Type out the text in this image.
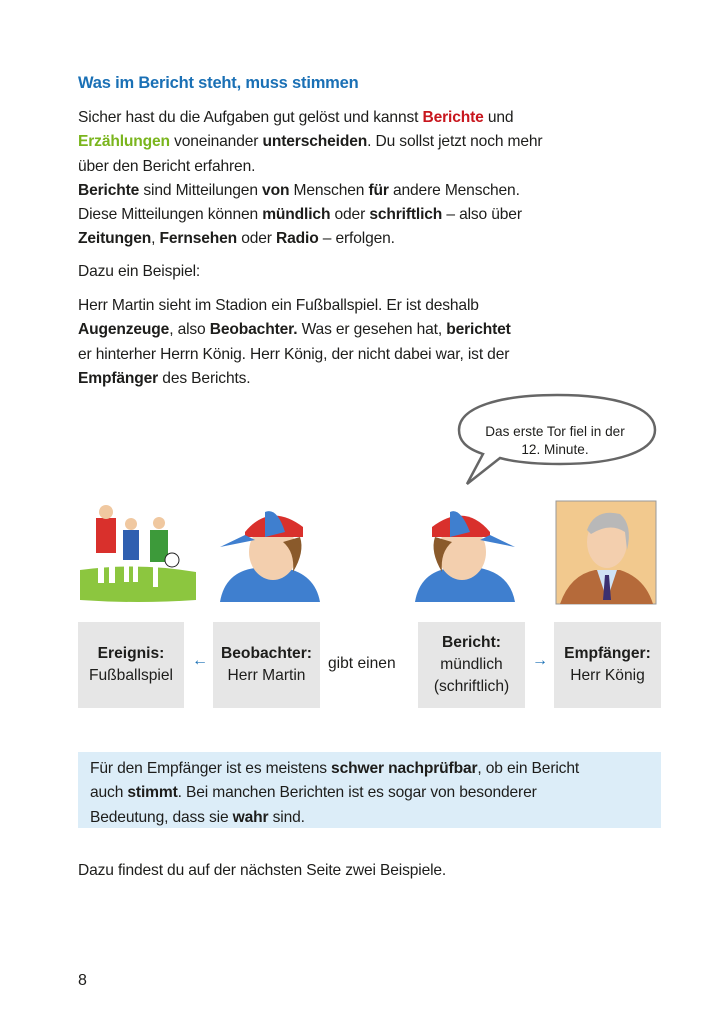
Was im Bericht steht, muss stimmen
Sicher hast du die Aufgaben gut gelöst und kannst Berichte und
Erzählungen voneinander unterscheiden. Du sollst jetzt noch mehr
über den Bericht erfahren.
Berichte sind Mitteilungen von Menschen für andere Menschen.
Diese Mitteilungen können mündlich oder schriftlich – also über
Zeitungen, Fernsehen oder Radio – erfolgen.
Dazu ein Beispiel:
Herr Martin sieht im Stadion ein Fußballspiel. Er ist deshalb
Augenzeuge, also Beobachter. Was er gesehen hat, berichtet
er hinterher Herrn König. Herr König, der nicht dabei war, ist der
Empfänger des Berichts.
Das erste Tor fiel in der
12. Minute.
Ereignis:
Fußballspiel
← Beobachter:
Herr Martin
gibt einen
Bericht:
mündlich
(schriftlich)
→ Empfänger:
Herr König
Für den Empfänger ist es meistens schwer nachprüfbar, ob ein Bericht
auch stimmt. Bei manchen Berichten ist es sogar von besonderer
Bedeutung, dass sie wahr sind.
Dazu findest du auf der nächsten Seite zwei Beispiele.
8
